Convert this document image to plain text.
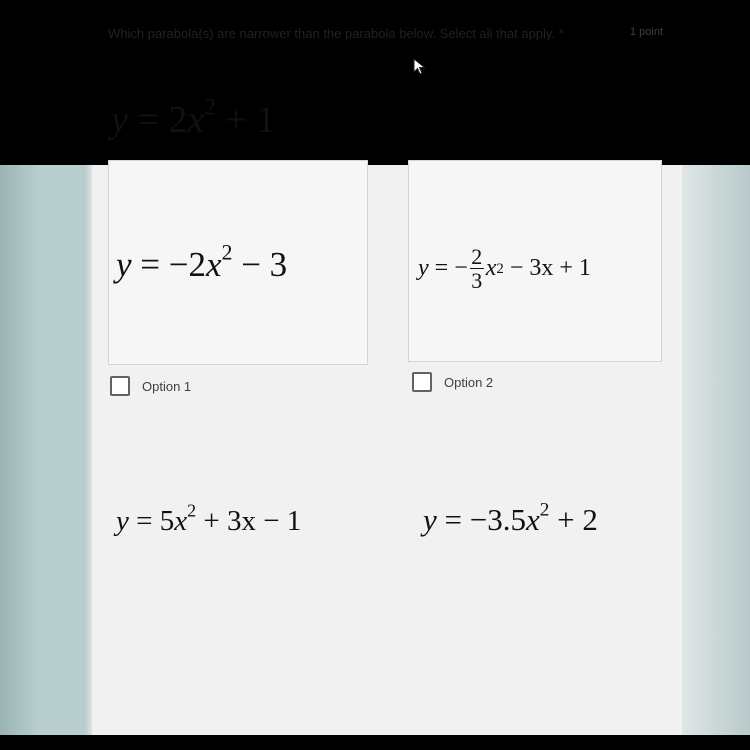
Which parabola(s) are narrower than the parabola below. Select all that apply. *	1 point
$y = 2x^2 + 1$
$y = -2x^2 - 3$	y
=
− $\frac{2}{3}$ x 2
− 3x + 1
Option 1	Option 2
$y = 5x^2 + 3x - 1$	$y = -3.5x^2 + 2$
